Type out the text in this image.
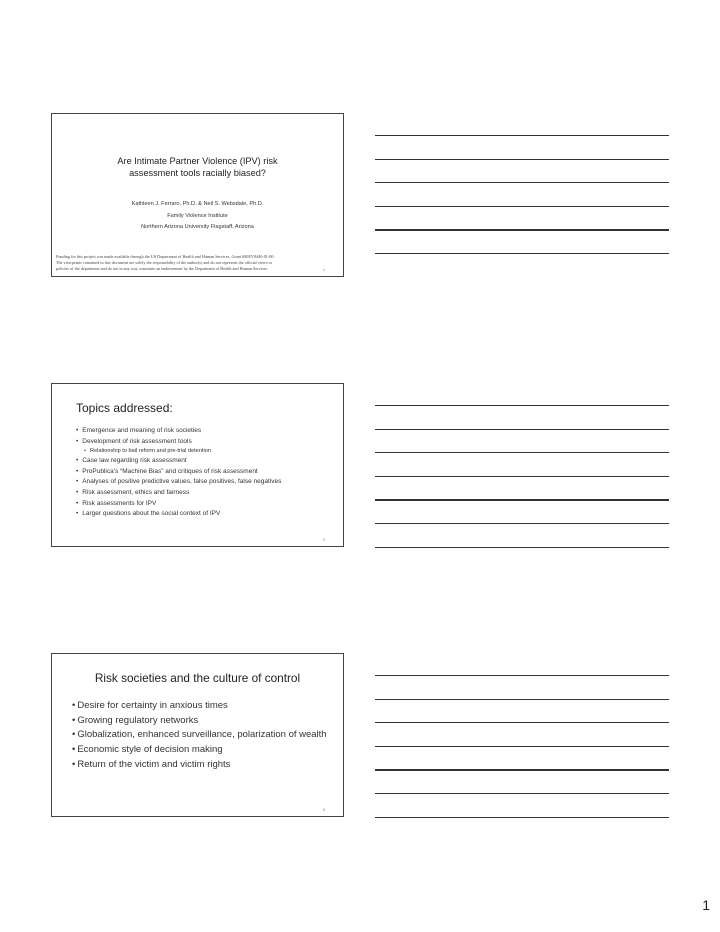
Are Intimate Partner Violence (IPV) risk
assessment tools racially biased?
Kathleen J. Ferraro, Ph.D. & Neil S. Websdale, Ph.D.
Family Violence Institute
Northern Arizona University Flagstaff, Arizona
Funding for this project was made available through the US Department of Health and Human Services, Grant #90EV0440-01-00.
The viewpoints contained in this document are solely the responsibility of the author(s) and do not represent the official views or
policies of the department and do not in any way constitute an endorsement by the Department of Health and Human Services.	1
Topics addressed:
• Emergence and meaning of risk societies
• Development of risk assessment tools
• Relationship to bail reform and pre-trial detention
• Case law regarding risk assessment
• ProPublica’s “Machine Bias” and critiques of risk assessment
• Analyses of positive predictive values, false positives, false negatives
• Risk assessment, ethics and fairness
• Risk assessments for IPV
• Larger questions about the social context of IPV
2
Risk societies and the culture of control
• Desire for certainty in anxious times
• Growing regulatory networks
• Globalization, enhanced surveillance, polarization of wealth
• Economic style of decision making
• Return of the victim and victim rights
3
1
